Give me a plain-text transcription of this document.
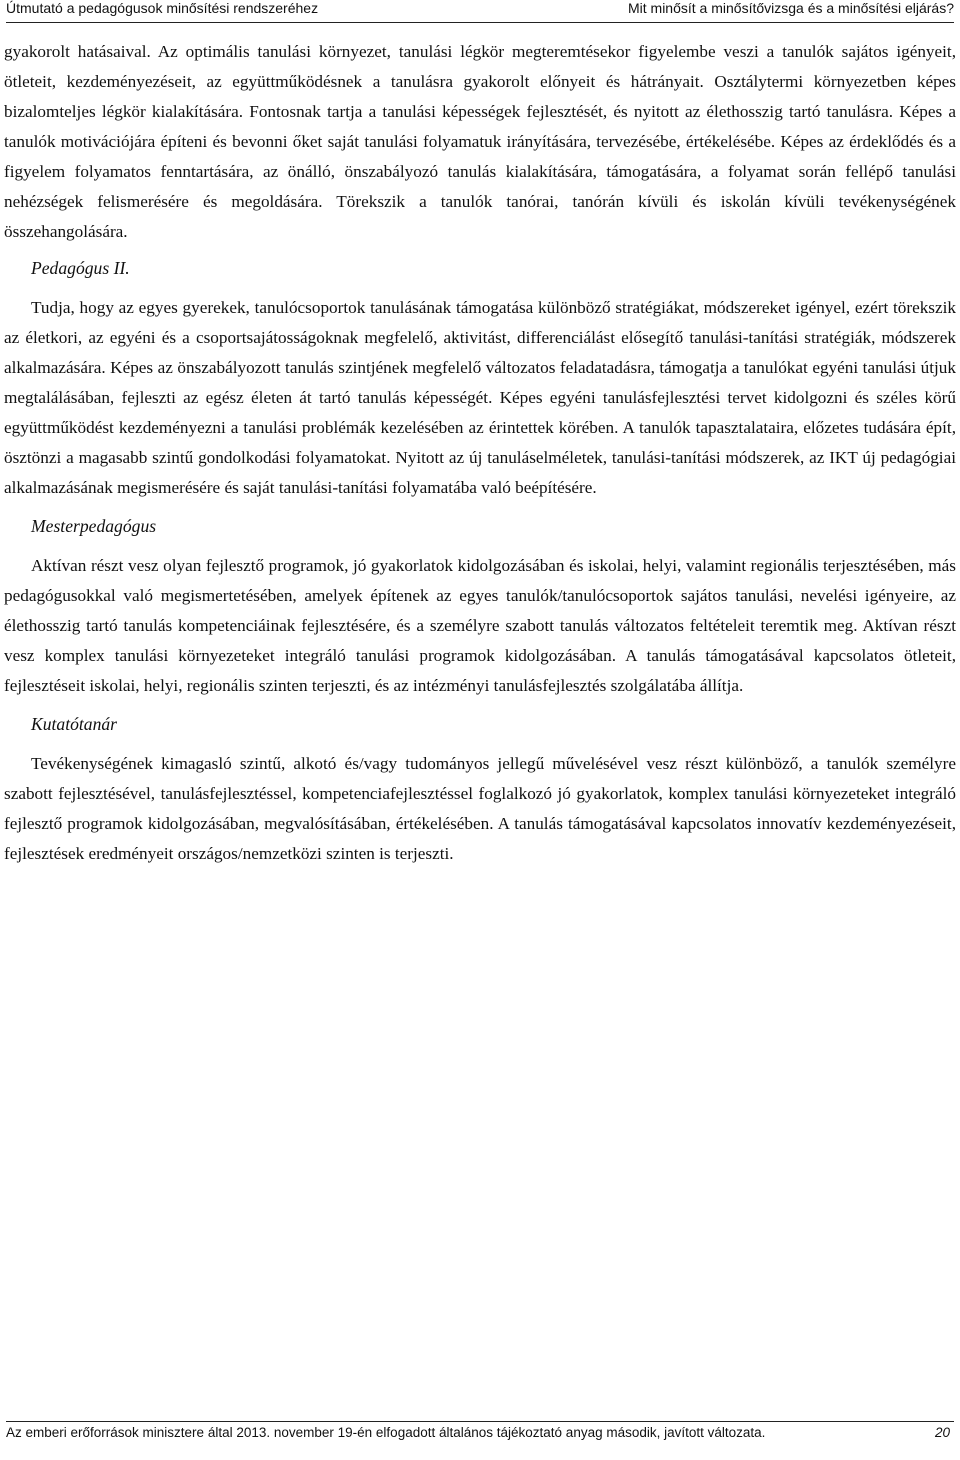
Útmutató a pedagógusok minősítési rendszeréhez	Mit minősít a minősítővizsga és a minősítési eljárás?

gyakorolt hatásaival. Az optimális tanulási környezet, tanulási légkör megteremtésekor figyelembe veszi a tanulók sajátos igényeit, ötleteit, kezdeményezéseit, az együttműködésnek a tanulásra gyakorolt előnyeit és hátrányait. Osztálytermi környezetben képes bizalomteljes légkör kialakítására. Fontosnak tartja a tanulási képességek fejlesztését, és nyitott az élethosszig tartó tanulásra. Képes a tanulók motivációjára építeni és bevonni őket saját tanulási folyamatuk irányítására, tervezésébe, értékelésébe. Képes az érdeklődés és a figyelem folyamatos fenntartására, az önálló, önszabályozó tanulás kialakítására, támogatására, a folyamat során fellépő tanulási nehézségek felismerésére és megoldására. Törekszik a tanulók tanórai, tanórán kívüli és iskolán kívüli tevékenységének összehangolására.

Pedagógus II.

Tudja, hogy az egyes gyerekek, tanulócsoportok tanulásának támogatása különböző stratégiákat, módszereket igényel, ezért törekszik az életkori, az egyéni és a csoportsajátosságoknak megfelelő, aktivitást, differenciálást elősegítő tanulási-tanítási stratégiák, módszerek alkalmazására. Képes az önszabályozott tanulás szintjének megfelelő változatos feladatadásra, támogatja a tanulókat egyéni tanulási útjuk megtalálásában, fejleszti az egész életen át tartó tanulás képességét. Képes egyéni tanulásfejlesztési tervet kidolgozni és széles körű együttműködést kezdeményezni a tanulási problémák kezelésében az érintettek körében. A tanulók tapasztalataira, előzetes tudására épít, ösztönzi a magasabb szintű gondolkodási folyamatokat. Nyitott az új tanuláselméletek, tanulási-tanítási módszerek, az IKT új pedagógiai alkalmazásának megismerésére és saját tanulási-tanítási folyamatába való beépítésére.

Mesterpedagógus

Aktívan részt vesz olyan fejlesztő programok, jó gyakorlatok kidolgozásában és iskolai, helyi, valamint regionális terjesztésében, más pedagógusokkal való megismertetésében, amelyek építenek az egyes tanulók/tanulócsoportok sajátos tanulási, nevelési igényeire, az élethosszig tartó tanulás kompetenciáinak fejlesztésére, és a személyre szabott tanulás változatos feltételeit teremtik meg. Aktívan részt vesz komplex tanulási környezeteket integráló tanulási programok kidolgozásában. A tanulás támogatásával kapcsolatos ötleteit, fejlesztéseit iskolai, helyi, regionális szinten terjeszti, és az intézményi tanulásfejlesztés szolgálatába állítja.

Kutatótanár

Tevékenységének kimagasló szintű, alkotó és/vagy tudományos jellegű művelésével vesz részt különböző, a tanulók személyre szabott fejlesztésével, tanulásfejlesztéssel, kompetenciafejlesztéssel foglalkozó jó gyakorlatok, komplex tanulási környezeteket integráló fejlesztő programok kidolgozásában, megvalósításában, értékelésében. A tanulás támogatásával kapcsolatos innovatív kezdeményezéseit, fejlesztések eredményeit országos/nemzetközi szinten is terjeszti.

Az emberi erőforrások minisztere által 2013. november 19-én elfogadott általános tájékoztató anyag második, javított változata.	20
